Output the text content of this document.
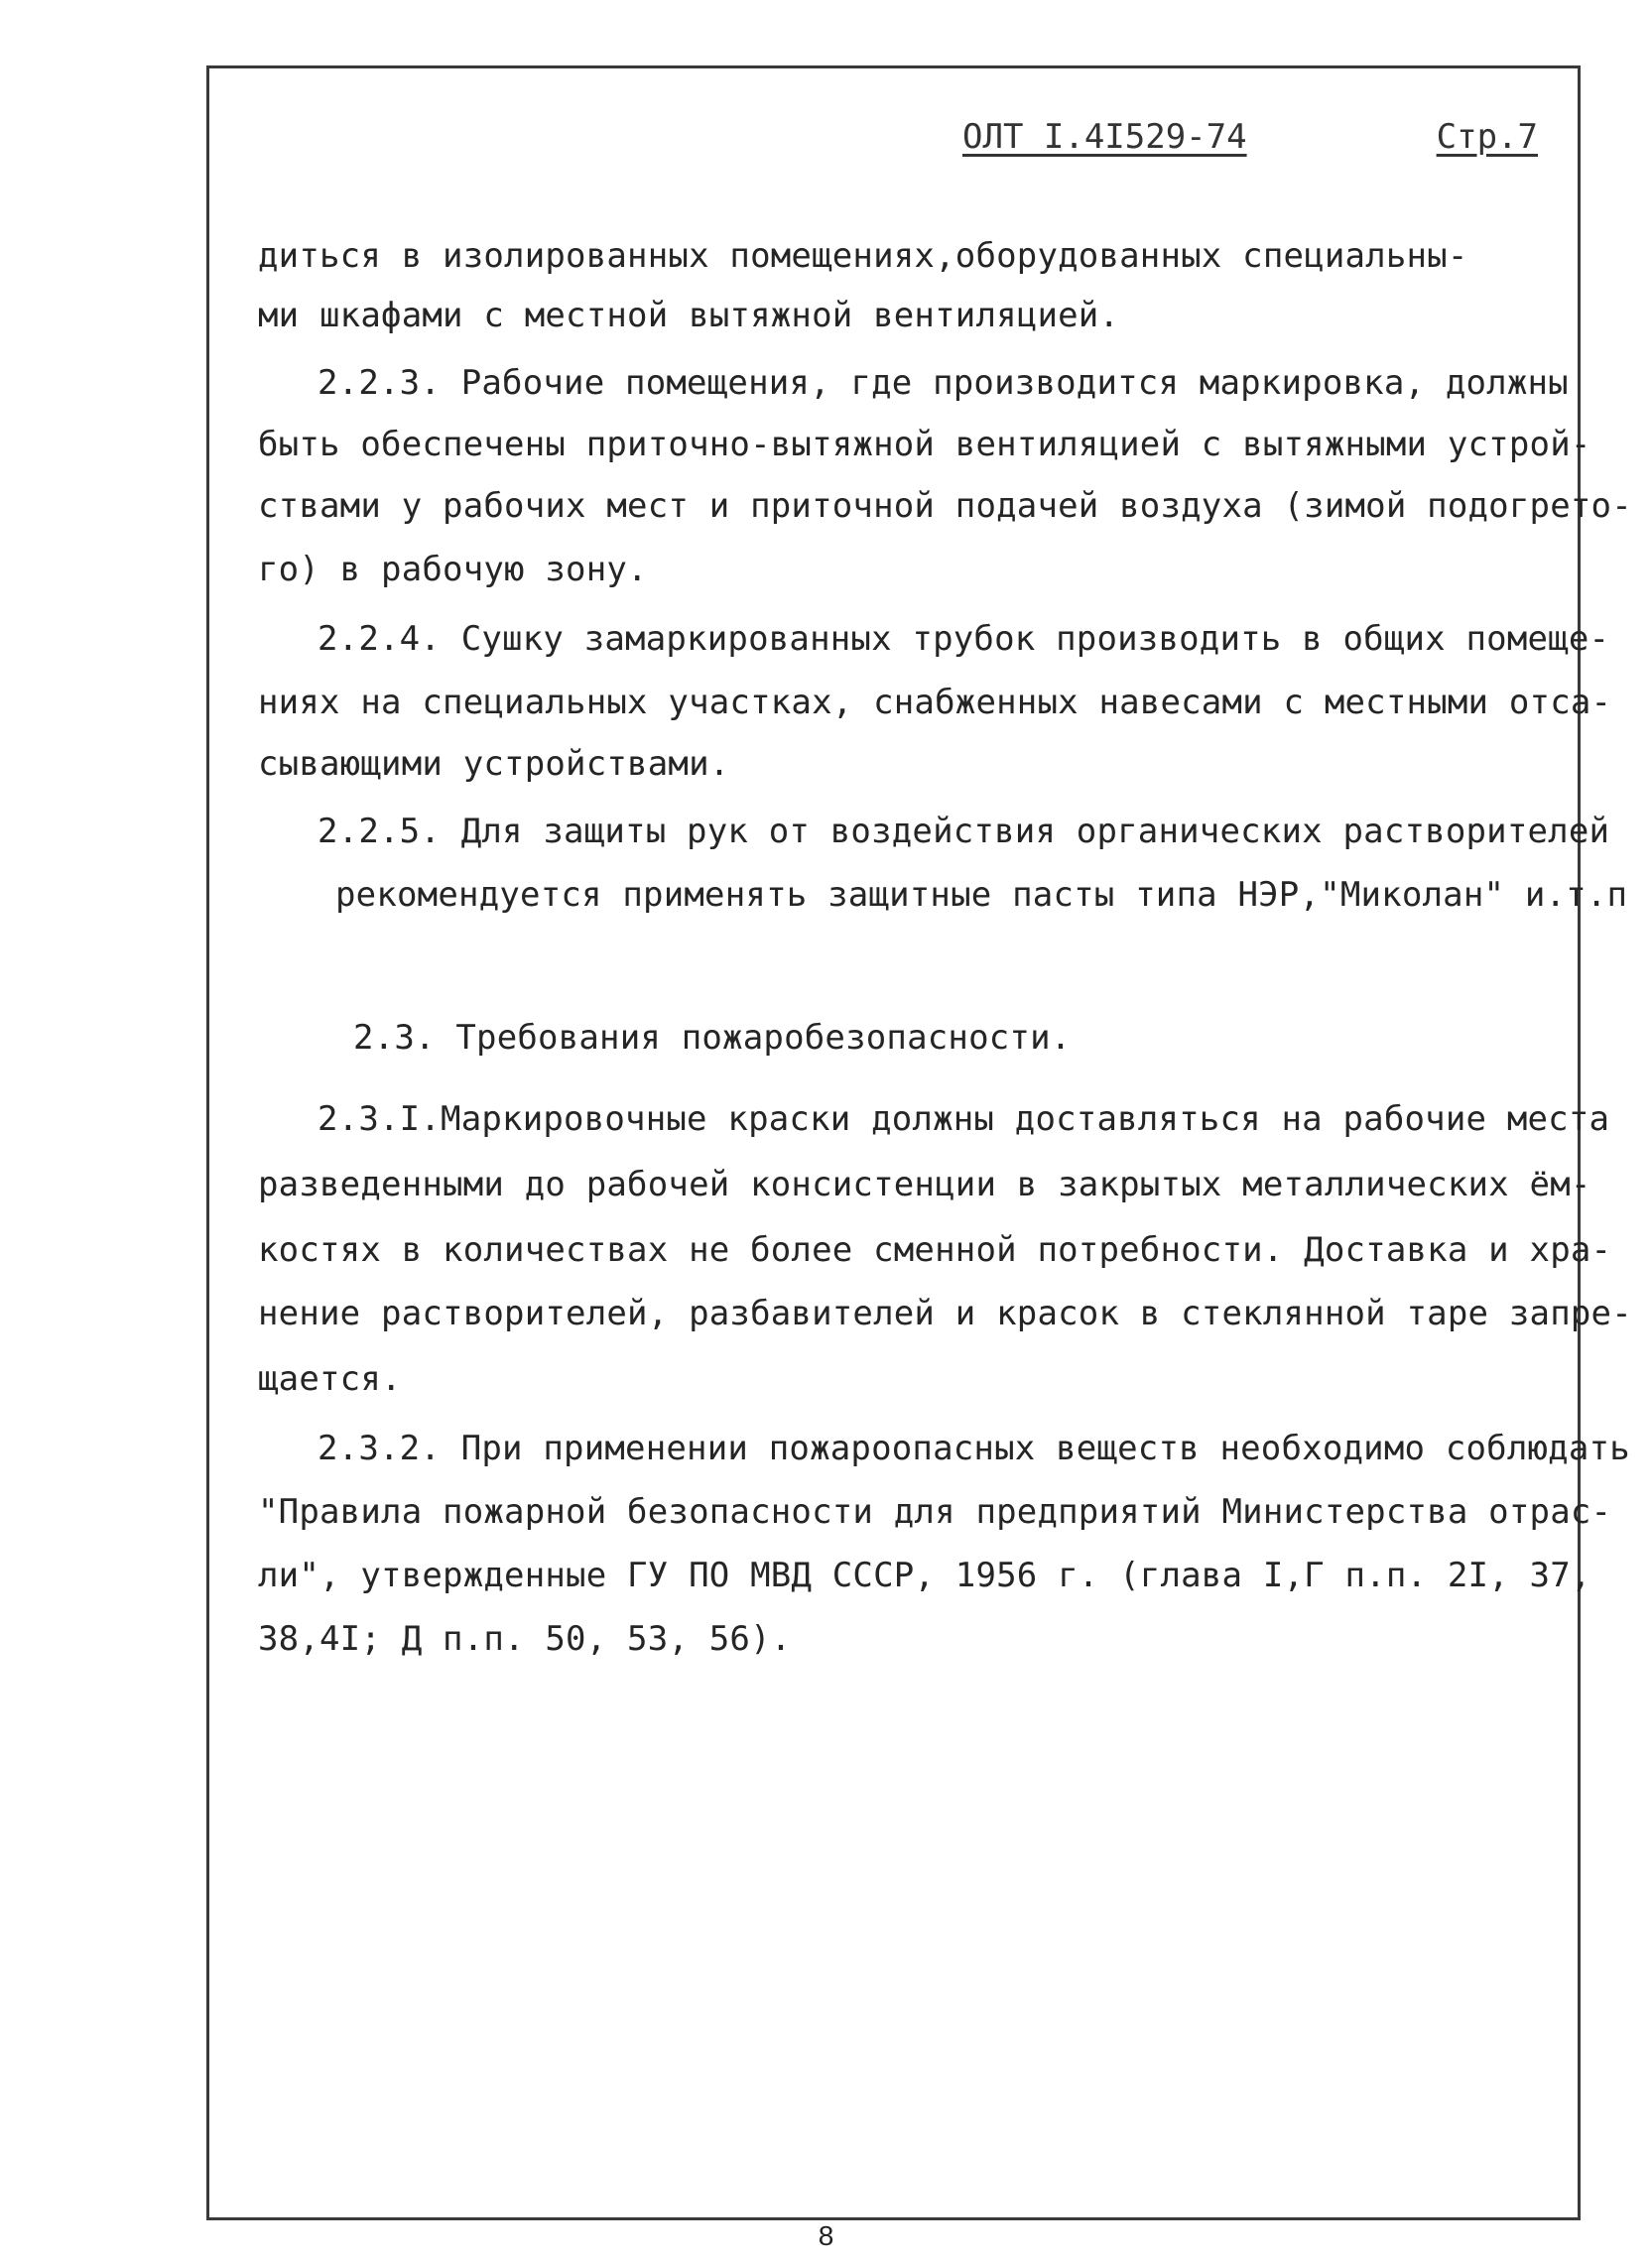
ОЛТ I.4I529-74	Стр.7
диться в изолированных помещениях,оборудованных специальны-
ми шкафами с местной вытяжной вентиляцией.
2.2.3. Рабочие помещения, где производится маркировка, должны
быть обеспечены приточно-вытяжной вентиляцией с вытяжными устрой-
ствами у рабочих мест и приточной подачей воздуха (зимой подогрето-
го) в рабочую зону.
2.2.4. Сушку замаркированных трубок производить в общих помеще-
ниях на специальных участках, снабженных навесами с местными отса-
сывающими устройствами.
2.2.5. Для защиты рук от воздействия органических растворителей
рекомендуется применять защитные пасты типа НЭР,"Миколан" и.т.п
2.3. Требования пожаробезопасности.
2.3.I.Маркировочные краски должны доставляться на рабочие места
разведенными до рабочей консистенции в закрытых металлических ём-
костях в количествах не более сменной потребности. Доставка и хра-
нение растворителей, разбавителей и красок в стеклянной таре запре-
щается.
2.3.2. При применении пожароопасных веществ необходимо соблюдать
"Правила пожарной безопасности для предприятий Министерства отрас-
ли", утвержденные ГУ ПО МВД СССР, 1956 г. (глава I,Г п.п. 2I, 37,
38,4I; Д п.п. 50, 53, 56).
8
